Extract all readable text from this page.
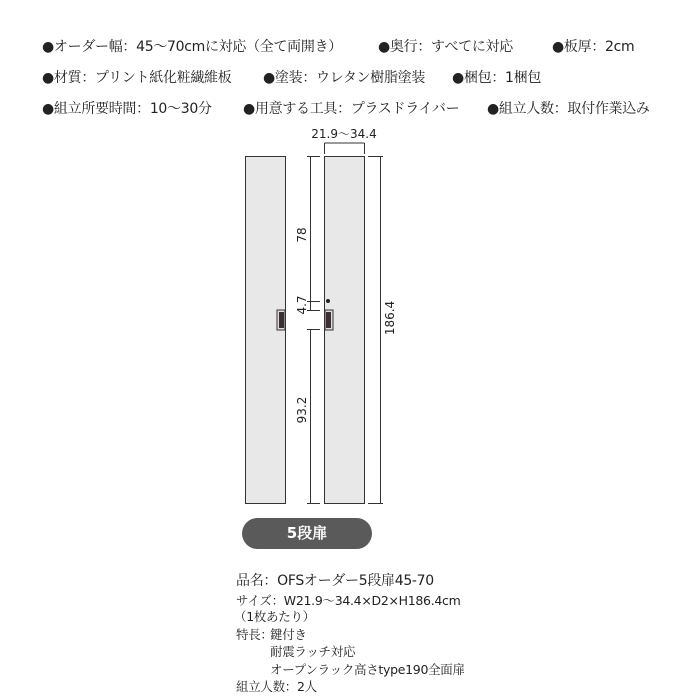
●オーダー幅：45〜70cmに対応（全て両開き）	●奥行：すべてに対応	●板厚：2cm
●材質：プリント紙化粧繊維板 ●塗装：ウレタン樹脂塗装 ●梱包：1梱包
●組立所要時間：10〜30分 ●用意する工具：プラスドライバー ●組立人数：取付作業込み
21.9〜34.4
78
4.7
93.2
186.4
5段扉
品名：OFSオーダー5段扉45-70
サイズ：W21.9〜34.4×D2×H186.4cm
（1枚あたり）
特長：
鍵付き
耐震ラッチ対応
オープンラック高さtype190全面扉
組立人数：2人
